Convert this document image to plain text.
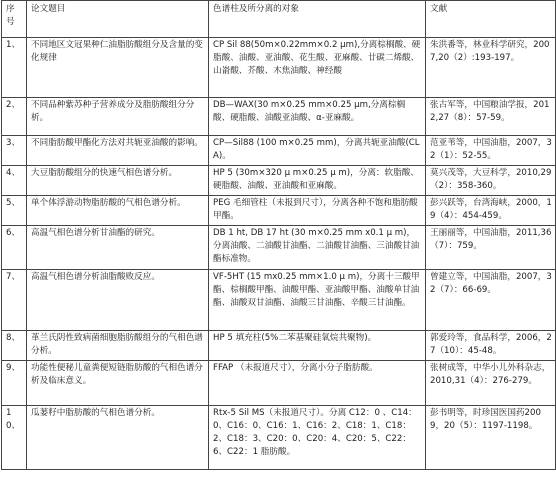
序
号	论文题目	色谱柱及所分离的对象	文献
1、	不同地区文冠果种仁油脂肪酸组分及含量的变化规律	CP Sil 88(50m×0.22mm×0.2 μm),分离棕榈酸、硬脂酸、油酸、亚油酸、花生酸、亚麻酸、廿碳二烯酸、山嵛酸、芥酸、木焦油酸、神经酸	朱洪番等，林业科学研究，2007,20（2）:193-197。
2、	不同品种紫苏种子营养成分及脂肪酸组分分析。	DB—WAX(30 m×0.25 mm×0.25 μm,分离棕榈酸、硬脂酸、油酸亚油酸、α-亚麻酸。	张古军等，中国粮油学报，2012,27（8）：57-59。
3、	不同脂肪酸甲酯化方法对共轭亚油酸的影响。	CP—Sil88 (100 m×0.25 mm)，分离共轭亚油酸(CLA)。	范亚苇等，中国油脂，2007，32（1）：52-55。
4、	大豆脂肪酸组分的快速气相色谱分析。	HP 5 (30m×320 μ m×0.25 μ m)，分离：软脂酸、硬脂酸、油酸、亚油酸和亚麻酸。	莫兴茂等，大豆科学，2010,29（2）：358-360。
5、	单个体浮游动物脂肪酸的气相色谱分析。	PEG 毛细管柱（未报到尺寸），分离各种不饱和脂肪酸甲酯。	彭兴跃等，台湾海峡，2000，19（4）：454-459。
6、	高温气相色谱分析甘油酯的研究。	DB 1 ht, DB 17 ht (30 m×0.25 mm x0.1 μ m)，分离油酸、二油酸甘油酯、二油酸甘油酯、三油酸甘油酯标准物。	王丽丽等，中国油脂，2011,36（7）：759。
7、	高温气相色谱分析油脂酸败反应。	VF-5HT (15 mx0.25 mm×1.0 μ m)，分离十三酸甲酯、棕榈酸甲酯、油酸甲酯、亚油酸甲酯、油酸单甘油酯、油酸双甘油酯、油酸三甘油酯、辛酸三甘油酯。	曾建立等，中国油脂，2007，32（7）：66-69。
8、	革兰氏阴性致病菌细胞脂肪酸组分的气相色谱分析。	HP 5 填充柱(5%二苯基聚硅氧烷共聚物)。	郭爱玲等，食品科学，2006，27（10）：45-48。
9、	功能性便秘儿童粪便短链脂肪酸的气相色谱分析及临床意义。	FFAP （未报道尺寸），分离小分子脂肪酸。	张树成等，中华小儿外科杂志，2010,31（4）：276-279。
10、	瓜蒌籽中脂肪酸的气相色谱分析。	Rtx-5 Sil MS（未报道尺寸）。分离 C12：0 、C14：0、C16：0、C16：1、C16：2、C18：1、C18：2、C18：3、C20：0、C20：4、C20：5、C22：6、C22：1 脂肪酸。	彭书明等，时珍国医国药2009，20（5）：1197-1198。
